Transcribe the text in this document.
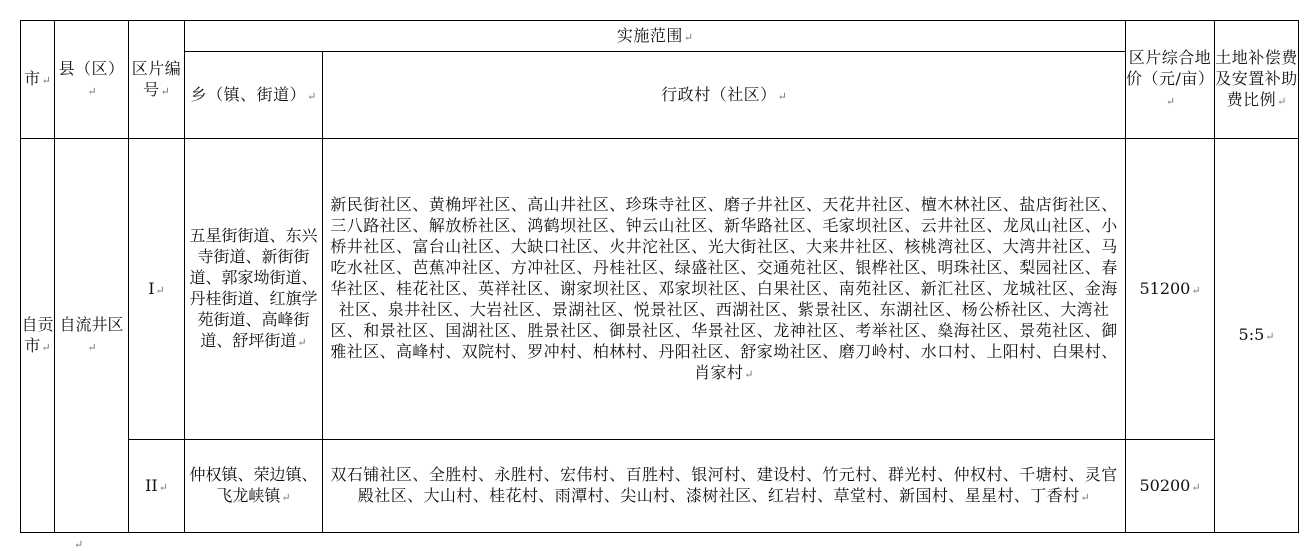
市↵	县（区）↵	区片编号↵	实施范围↵		区片综合地价（元/亩）↵	土地补偿费及安置补助费比例↵
			乡（镇、街道）↵	行政村（社区）↵		
自贡市↵	自流井区↵	I↵	五星街街道、东兴寺街道、新街街道、郭家坳街道、丹桂街道、红旗学苑街道、高峰街道、舒坪街道↵	新民街社区、黄桷坪社区、高山井社区、珍珠寺社区、磨子井社区、天花井社区、檀木林社区、盐店街社区、三八路社区、解放桥社区、鸿鹤坝社区、钟云山社区、新华路社区、毛家坝社区、云井社区、龙凤山社区、小桥井社区、富台山社区、大缺口社区、火井沱社区、光大街社区、大来井社区、核桃湾社区、大湾井社区、马吃水社区、芭蕉冲社区、方冲社区、丹桂社区、绿盛社区、交通苑社区、银桦社区、明珠社区、梨园社区、春华社区、桂花社区、英祥社区、谢家坝社区、邓家坝社区、白果社区、南苑社区、新汇社区、龙城社区、金海社区、泉井社区、大岩社区、景湖社区、悦景社区、西湖社区、紫景社区、东湖社区、杨公桥社区、大湾社区、和景社区、国湖社区、胜景社区、御景社区、华景社区、龙神社区、考举社区、燊海社区、景苑社区、御雅社区、高峰村、双院村、罗冲村、柏林村、丹阳社区、舒家坳社区、磨刀岭村、水口村、上阳村、白果村、肖家村↵	51200↵	5:5↵
		II↵	仲权镇、荣边镇、飞龙峡镇↵	双石铺社区、全胜村、永胜村、宏伟村、百胜村、银河村、建设村、竹元村、群光村、仲权村、千塘村、灵官殿社区、大山村、桂花村、雨潭村、尖山村、漆树社区、红岩村、草堂村、新国村、星星村、丁香村↵	50200↵	
↵
